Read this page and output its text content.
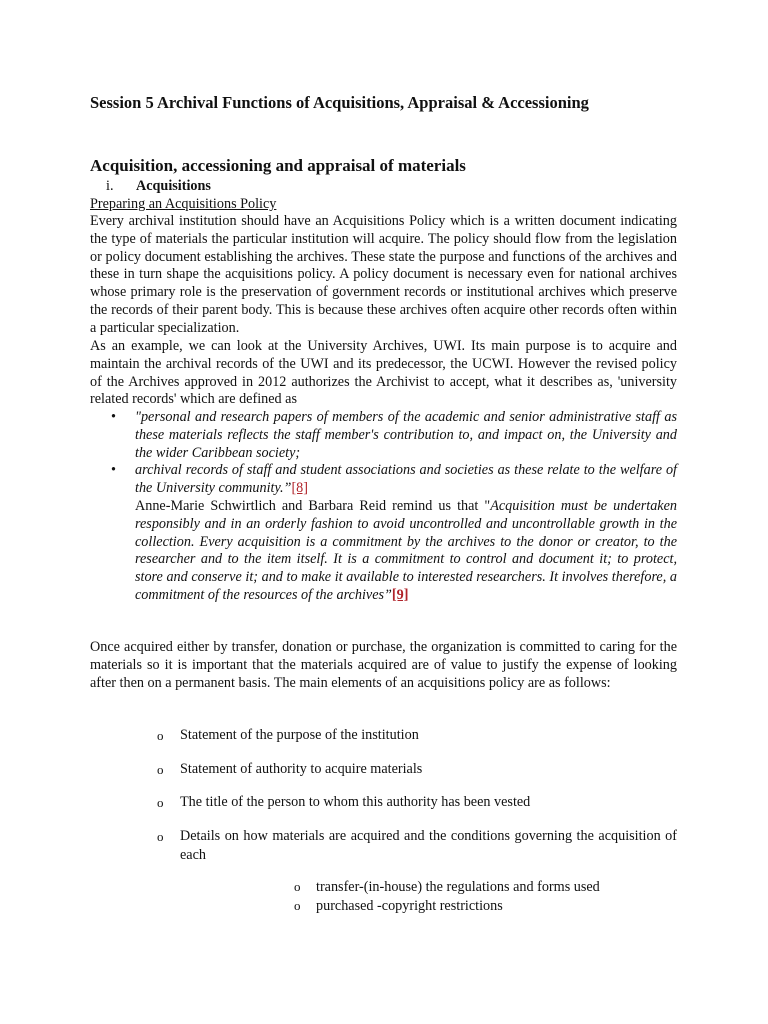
Session 5 Archival Functions of Acquisitions, Appraisal & Accessioning
Acquisition, accessioning and appraisal of materials
i. Acquisitions
Preparing an Acquisitions Policy

Every archival institution should have an Acquisitions Policy which is a written document indicating the type of materials the particular institution will acquire. The policy should flow from the legislation or policy document establishing the archives. These state the purpose and functions of the archives and these in turn shape the acquisitions policy. A policy document is necessary even for national archives whose primary role is the preservation of government records or institutional archives which preserve the records of their parent body. This is because these archives often acquire other records often within a particular specialization.

As an example, we can look at the University Archives, UWI. Its main purpose is to acquire and maintain the archival records of the UWI and its predecessor, the UCWI. However the revised policy of the Archives approved in 2012 authorizes the Archivist to accept, what it describes as, 'university related records' which are defined as

• "personal and research papers of members of the academic and senior administrative staff as these materials reflects the staff member's contribution to, and impact on, the University and the wider Caribbean society;

• archival records of staff and student associations and societies as these relate to the welfare of the University community.”[8]

Anne-Marie Schwirtlich and Barbara Reid remind us that "Acquisition must be undertaken responsibly and in an orderly fashion to avoid uncontrolled and uncontrollable growth in the collection. Every acquisition is a commitment by the archives to the donor or creator, to the researcher and to the item itself. It is a commitment to control and document it; to protect, store and conserve it; and to make it available to interested researchers. It involves therefore, a commitment of the resources of the archives”[9]

Once acquired either by transfer, donation or purchase, the organization is committed to caring for the materials so it is important that the materials acquired are of value to justify the expense of looking after then on a permanent basis. The main elements of an acquisitions policy are as follows:

o Statement of the purpose of the institution

o Statement of authority to acquire materials

o The title of the person to whom this authority has been vested

o Details on how materials are acquired and the conditions governing the acquisition of each

o transfer-(in-house) the regulations and forms used
o purchased -copyright restrictions
